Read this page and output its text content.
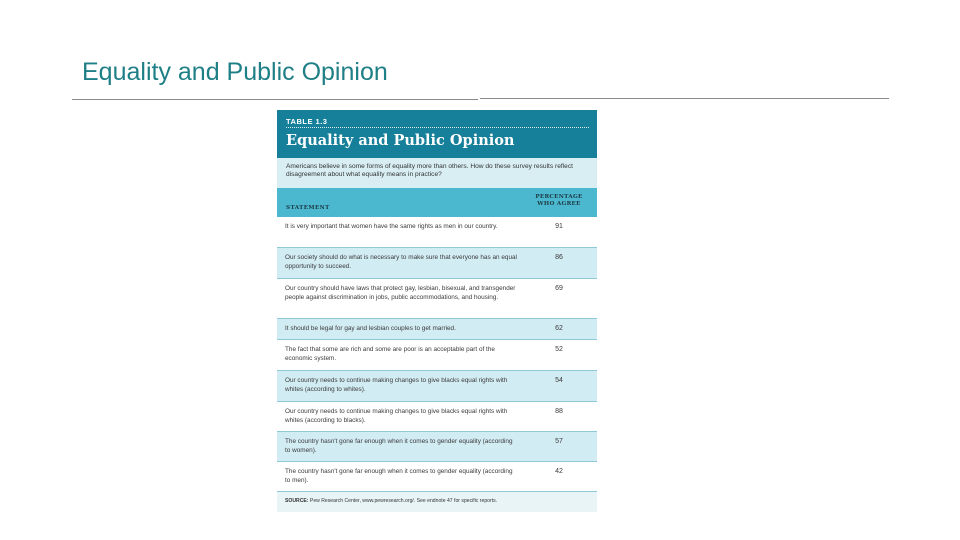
Equality and Public Opinion
TABLE 1.3
Equality and Public Opinion
Americans believe in some forms of equality more than others. How do these survey results reflect disagreement about what equality means in practice?
STATEMENT
PERCENTAGE
WHO AGREE
It is very important that women have the same rights as men in our country.	91
Our society should do what is necessary to make sure that everyone has an equal opportunity to succeed.
86
Our country should have laws that protect gay, lesbian, bisexual, and transgender people against discrimination in jobs, public accommodations, and housing.
69
It should be legal for gay and lesbian couples to get married.	62
The fact that some are rich and some are poor is an acceptable part of the economic system.
52
Our country needs to continue making changes to give blacks equal rights with whites (according to whites).
54
Our country needs to continue making changes to give blacks equal rights with whites (according to blacks).
88
The country hasn't gone far enough when it comes to gender equality (according to women).
57
The country hasn't gone far enough when it comes to gender equality (according to men).
42
SOURCE: Pew Research Center, www.pewresearch.org/. See endnote 47 for specific reports.
